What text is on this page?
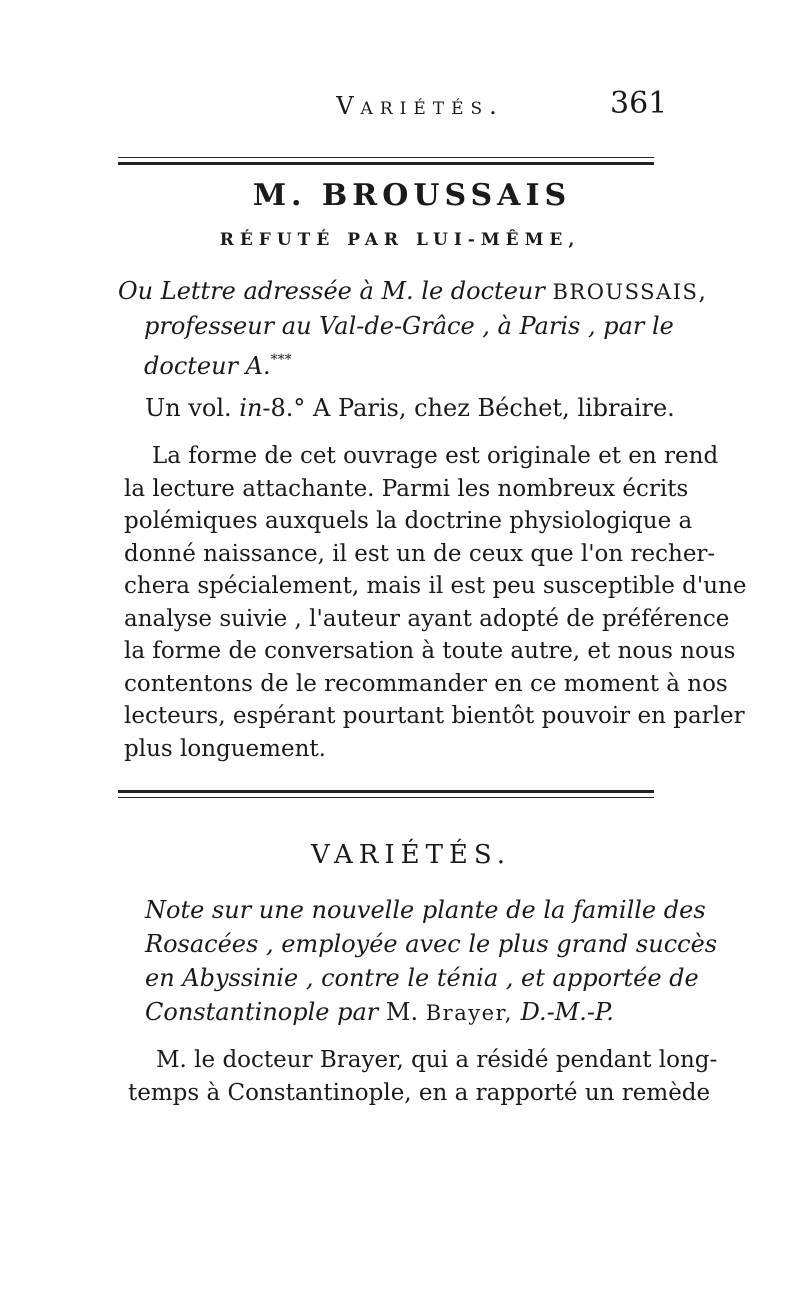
Variétés.	361
M. BROUSSAIS
RÉFUTÉ PAR LUI-MÊME,
Ou Lettre adressée à M. le docteur BROUSSAIS,
professeur au Val-de-Grâce , à Paris , par le
docteur A.***
Un vol. in-8.° A Paris, chez Béchet, libraire.
La forme de cet ouvrage est originale et en rend
la lecture attachante. Parmi les nombreux écrits
polémiques auxquels la doctrine physiologique a
donné naissance, il est un de ceux que l'on recher-
chera spécialement, mais il est peu susceptible d'une
analyse suivie , l'auteur ayant adopté de préférence
la forme de conversation à toute autre, et nous nous
contentons de le recommander en ce moment à nos
lecteurs, espérant pourtant bientôt pouvoir en parler
plus longuement.
VARIÉTÉS.
Note sur une nouvelle plante de la famille des
Rosacées , employée avec le plus grand succès
en Abyssinie , contre le ténia , et apportée de
Constantinople par M. Brayer, D.-M.-P.
M. le docteur Brayer, qui a résidé pendant long-
temps à Constantinople, en a rapporté un remède
